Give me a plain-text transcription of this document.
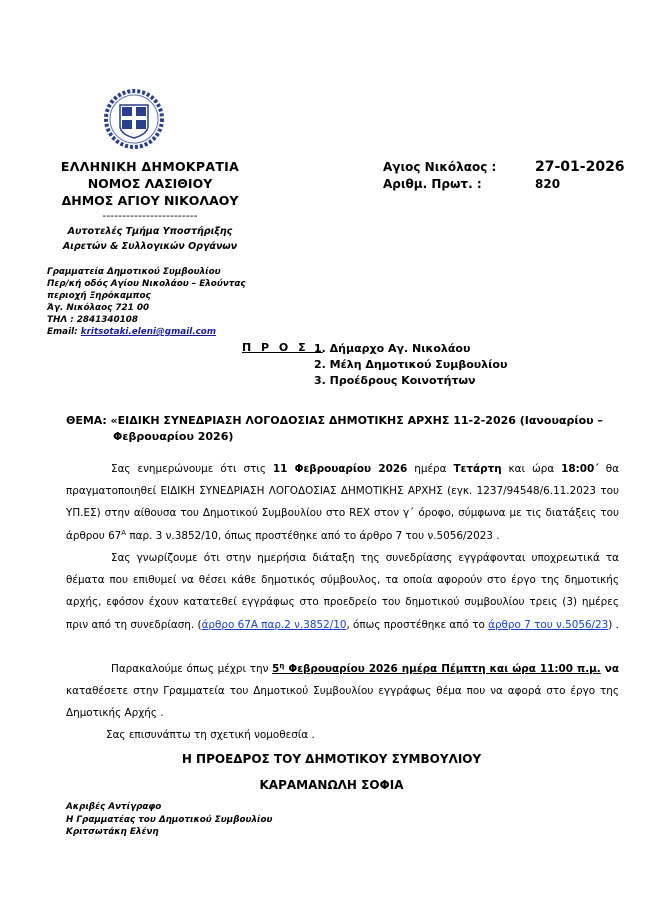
ΕΛΛΗΝΙΚΗ ΔΗΜΟΚΡΑΤΙΑ
ΝΟΜΟΣ ΛΑΣΙΘΙΟΥ
ΔΗΜΟΣ ΑΓΙΟΥ ΝΙΚΟΛΑΟΥ
------------------------
Αυτοτελές Τμήμα Υποστήριξης
Αιρετών & Συλλογικών Οργάνων
Αγιος Νικόλαος :
Αριθμ. Πρωτ. :
27-01-2026
820
Γραμματεία Δημοτικού Συμβουλίου
Περ/κή οδός Αγίου Νικολάου – Ελούντας
περιοχή Ξηρόκαμπος
Άγ. Νικόλαος 721 00
ΤΗΛ : 2841340108
Email: kritsotaki.eleni@gmail.com
Π Ρ Ο Σ :
1. Δήμαρχο Αγ. Νικολάου
2. Μέλη Δημοτικού Συμβουλίου
3. Προέδρους Κοινοτήτων
ΘΕΜΑ: «ΕΙΔΙΚΗ ΣΥΝΕΔΡΙΑΣΗ ΛΟΓΟΔΟΣΙΑΣ ΔΗΜΟΤΙΚΗΣ ΑΡΧΗΣ 11-2-2026 (Ιανουαρίου –
Φεβρουαρίου 2026)
Σας ενημερώνουμε ότι στις 11 Φεβρουαρίου 2026 ημέρα Τετάρτη και ώρα 18:00΄ θα πραγματοποιηθεί ΕΙΔΙΚΗ ΣΥΝΕΔΡΙΑΣΗ ΛΟΓΟΔΟΣΙΑΣ ΔΗΜΟΤΙΚΗΣ ΑΡΧΗΣ (εγκ. 1237/94548/6.11.2023 του ΥΠ.ΕΣ) στην αίθουσα του Δημοτικού Συμβουλίου στο REX στον γ΄ όροφο, σύμφωνα με τις διατάξεις του άρθρου $67^A$ παρ. 3 ν.3852/10, όπως προστέθηκε από το άρθρο 7 του ν.5056/2023 .
Σας γνωρίζουμε ότι στην ημερήσια διάταξη της συνεδρίασης εγγράφονται υποχρεωτικά τα θέματα που επιθυμεί να θέσει κάθε δημοτικός σύμβουλος, τα οποία αφορούν στο έργο της δημοτικής αρχής, εφόσον έχουν κατατεθεί εγγράφως στο προεδρείο του δημοτικού συμβουλίου τρεις (3) ημέρες πριν από τη συνεδρίαση. (άρθρο 67Α παρ.2 ν.3852/10, όπως προστέθηκε από το άρθρο 7 του ν.5056/23) .
Παρακαλούμε όπως μέχρι την $5^\eta$ Φεβρουαρίου 2026 ημέρα Πέμπτη και ώρα 11:00 π.μ. να καταθέσετε στην Γραμματεία του Δημοτικού Συμβουλίου εγγράφως θέμα που να αφορά στο έργο της Δημοτικής Αρχής .
Σας επισυνάπτω τη σχετική νομοθεσία .
Η ΠΡΟΕΔΡΟΣ ΤΟΥ ΔΗΜΟΤΙΚΟΥ ΣΥΜΒΟΥΛΙΟΥ
ΚΑΡΑΜΑΝΩΛΗ ΣΟΦΙΑ
Ακριβές Αντίγραφο
Η Γραμματέας του Δημοτικού Συμβουλίου
Κριτσωτάκη Ελένη
